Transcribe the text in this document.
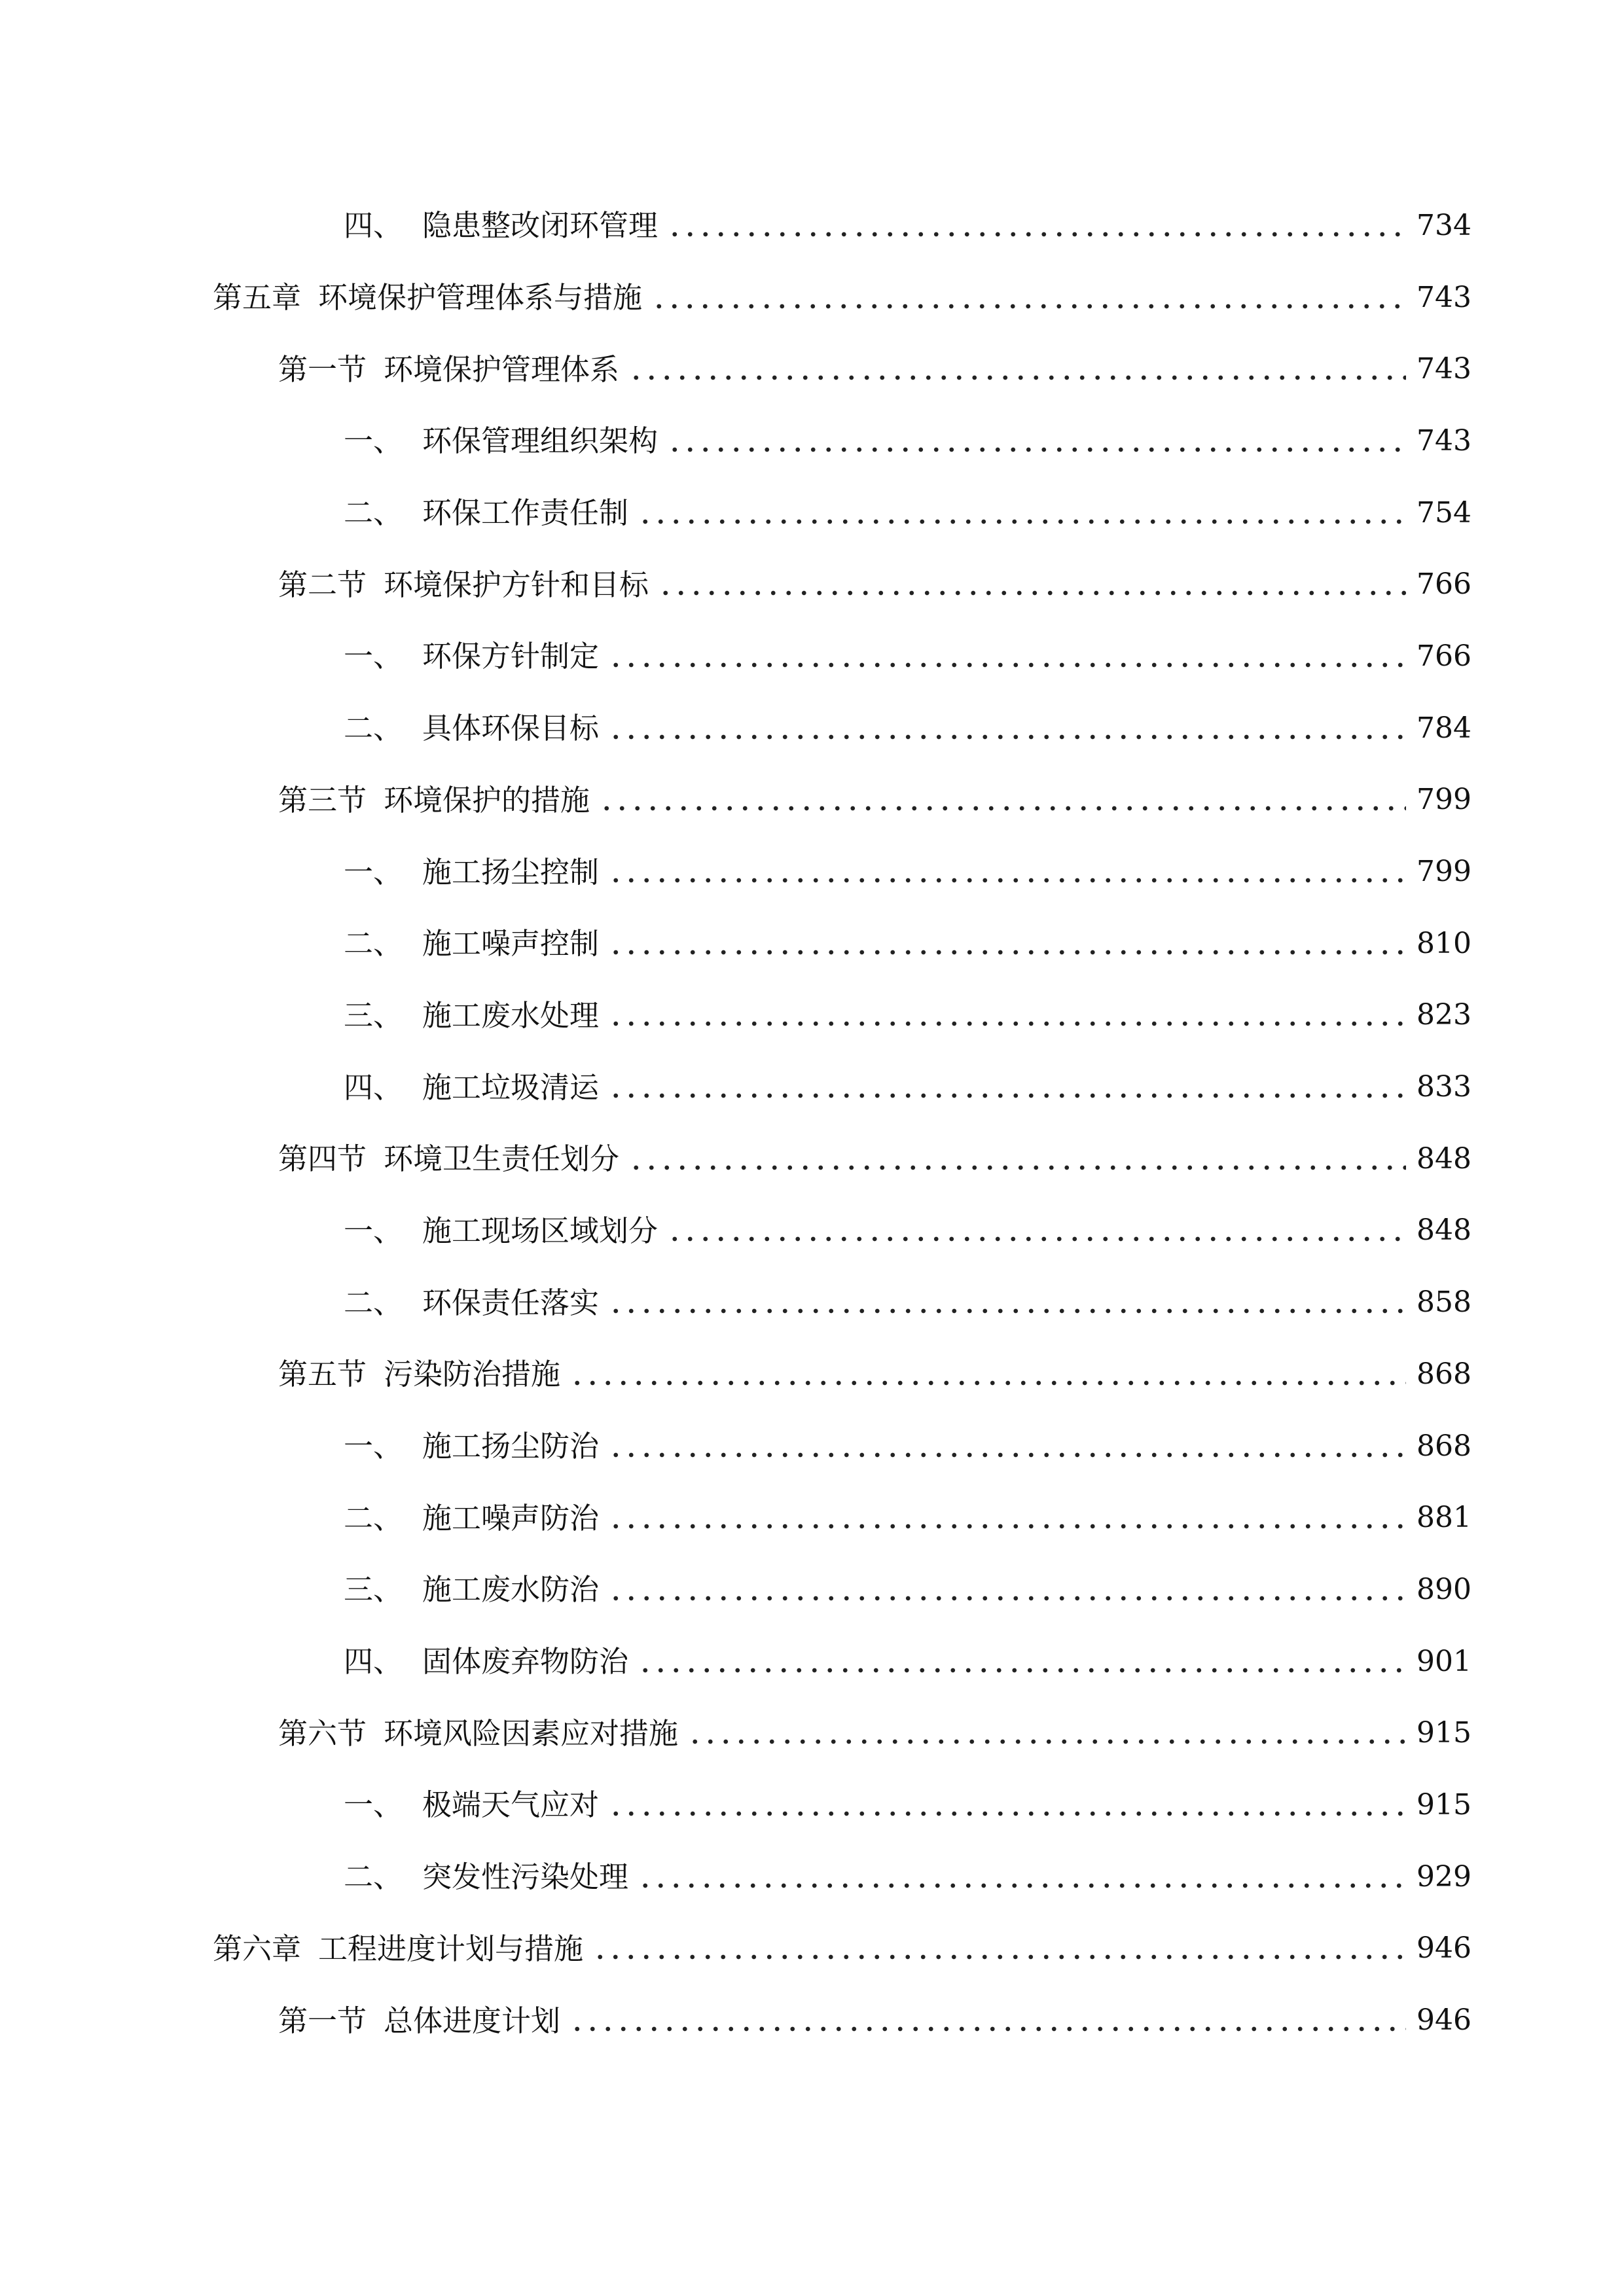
四、 隐患整改闭环管理	734
第五章 环境保护管理体系与措施	743
第一节 环境保护管理体系	743
一、 环保管理组织架构	743
二、 环保工作责任制	754
第二节 环境保护方针和目标	766
一、 环保方针制定	766
二、 具体环保目标	784
第三节 环境保护的措施	799
一、 施工扬尘控制	799
二、 施工噪声控制	810
三、 施工废水处理	823
四、 施工垃圾清运	833
第四节 环境卫生责任划分	848
一、 施工现场区域划分	848
二、 环保责任落实	858
第五节 污染防治措施	868
一、 施工扬尘防治	868
二、 施工噪声防治	881
三、 施工废水防治	890
四、 固体废弃物防治	901
第六节 环境风险因素应对措施	915
一、 极端天气应对	915
二、 突发性污染处理	929
第六章 工程进度计划与措施	946
第一节 总体进度计划	946
